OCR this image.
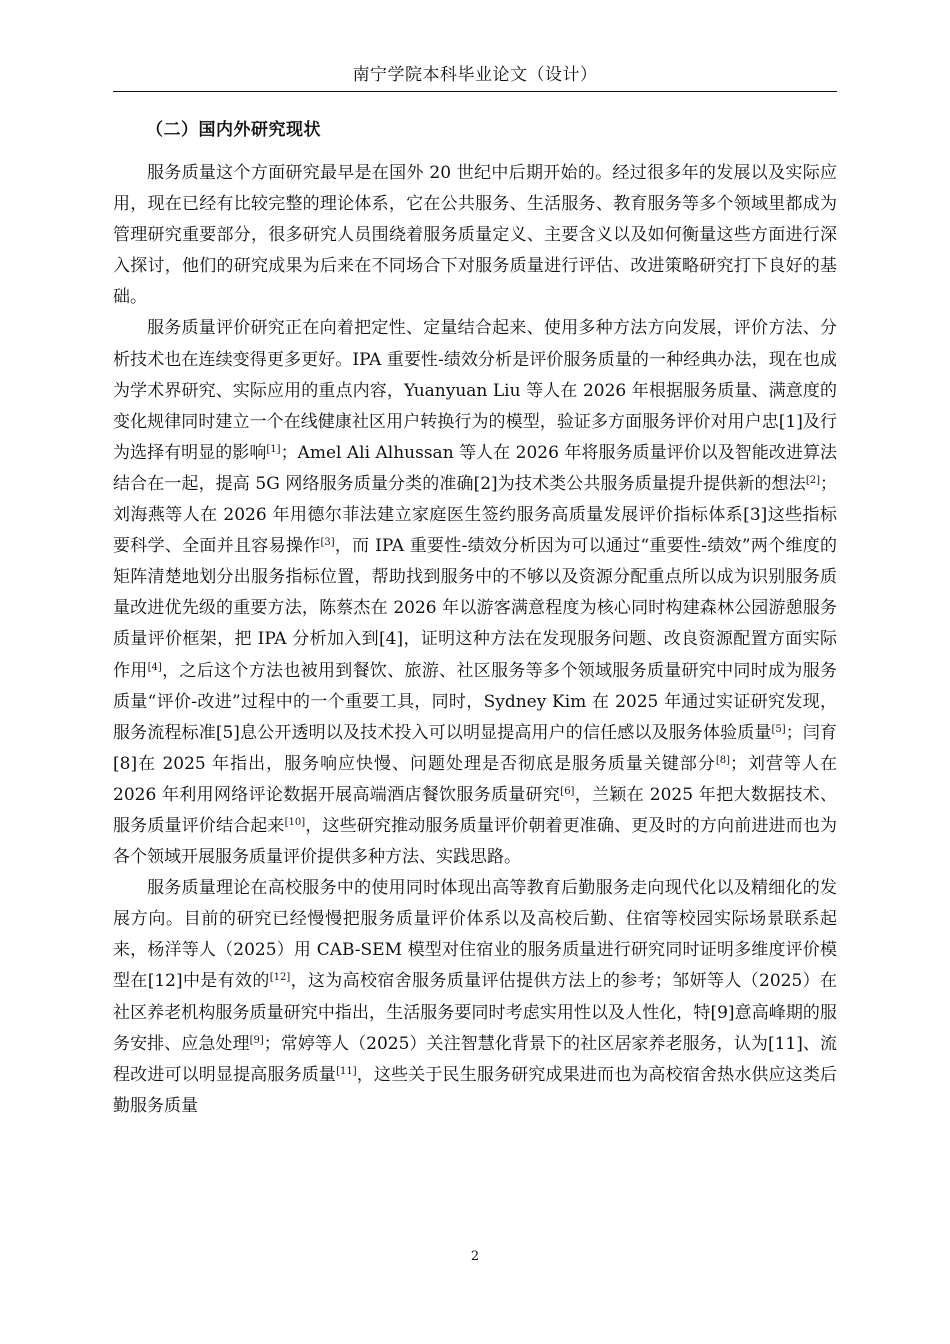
南宁学院本科毕业论文（设计）
（二）国内外研究现状

服务质量这个方面研究最早是在国外 20 世纪中后期开始的。经过很多年的发展以及实际应用，现在已经有比较完整的理论体系，它在公共服务、生活服务、教育服务等多个领域里都成为管理研究重要部分，很多研究人员围绕着服务质量定义、主要含义以及如何衡量这些方面进行深入探讨，他们的研究成果为后来在不同场合下对服务质量进行评估、改进策略研究打下良好的基础。

服务质量评价研究正在向着把定性、定量结合起来、使用多种方法方向发展，评价方法、分析技术也在连续变得更多更好。IPA 重要性-绩效分析是评价服务质量的一种经典办法，现在也成为学术界研究、实际应用的重点内容，Yuanyuan Liu 等人在 2026 年根据服务质量、满意度的变化规律同时建立一个在线健康社区用户转换行为的模型，验证多方面服务评价对用户忠[1]及行为选择有明显的影响[1]；Amel Ali Alhussan 等人在 2026 年将服务质量评价以及智能改进算法结合在一起，提高 5G 网络服务质量分类的准确[2]为技术类公共服务质量提升提供新的想法[2]；刘海燕等人在 2026 年用德尔菲法建立家庭医生签约服务高质量发展评价指标体系[3]这些指标要科学、全面并且容易操作[3]，而 IPA 重要性-绩效分析因为可以通过“重要性-绩效”两个维度的矩阵清楚地划分出服务指标位置，帮助找到服务中的不够以及资源分配重点所以成为识别服务质量改进优先级的重要方法，陈蔡杰在 2026 年以游客满意程度为核心同时构建森林公园游憩服务质量评价框架，把 IPA 分析加入到[4]，证明这种方法在发现服务问题、改良资源配置方面实际作用[4]，之后这个方法也被用到餐饮、旅游、社区服务等多个领域服务质量研究中同时成为服务质量“评价-改进”过程中的一个重要工具，同时，Sydney Kim 在 2025 年通过实证研究发现，服务流程标准[5]息公开透明以及技术投入可以明显提高用户的信任感以及服务体验质量[5]；闫育[8]在 2025 年指出，服务响应快慢、问题处理是否彻底是服务质量关键部分[8]；刘营等人在 2026 年利用网络评论数据开展高端酒店餐饮服务质量研究[6]，兰颖在 2025 年把大数据技术、服务质量评价结合起来[10]，这些研究推动服务质量评价朝着更准确、更及时的方向前进进而也为各个领域开展服务质量评价提供多种方法、实践思路。

服务质量理论在高校服务中的使用同时体现出高等教育后勤服务走向现代化以及精细化的发展方向。目前的研究已经慢慢把服务质量评价体系以及高校后勤、住宿等校园实际场景联系起来，杨洋等人（2025）用 CAB-SEM 模型对住宿业的服务质量进行研究同时证明多维度评价模型在[12]中是有效的[12]，这为高校宿舍服务质量评估提供方法上的参考；邹妍等人（2025）在社区养老机构服务质量研究中指出，生活服务要同时考虑实用性以及人性化，特[9]意高峰期的服务安排、应急处理[9]；常婷等人（2025）关注智慧化背景下的社区居家养老服务，认为[11]、流程改进可以明显提高服务质量[11]，这些关于民生服务研究成果进而也为高校宿舍热水供应这类后勤服务质量

2
